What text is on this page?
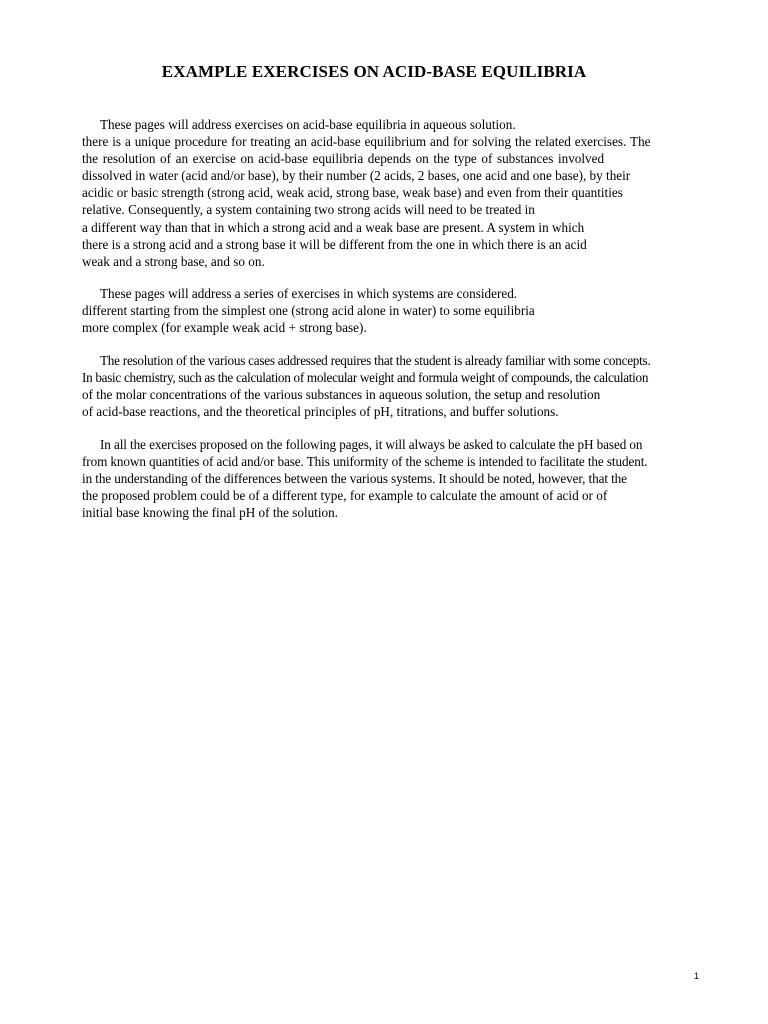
EXAMPLE EXERCISES ON ACID-BASE EQUILIBRIA
These pages will address exercises on acid-base equilibria in aqueous solution.
there is a unique procedure for treating an acid-base equilibrium and for solving the related exercises. The
the resolution of an exercise on acid-base equilibria depends on the type of substances involved
dissolved in water (acid and/or base), by their number (2 acids, 2 bases, one acid and one base), by their
acidic or basic strength (strong acid, weak acid, strong base, weak base) and even from their quantities
relative. Consequently, a system containing two strong acids will need to be treated in
a different way than that in which a strong acid and a weak base are present. A system in which
there is a strong acid and a strong base it will be different from the one in which there is an acid
weak and a strong base, and so on.
These pages will address a series of exercises in which systems are considered.
different starting from the simplest one (strong acid alone in water) to some equilibria
more complex (for example weak acid + strong base).
The resolution of the various cases addressed requires that the student is already familiar with some concepts.
In basic chemistry, such as the calculation of molecular weight and formula weight of compounds, the calculation
of the molar concentrations of the various substances in aqueous solution, the setup and resolution
of acid-base reactions, and the theoretical principles of pH, titrations, and buffer solutions.
In all the exercises proposed on the following pages, it will always be asked to calculate the pH based on
from known quantities of acid and/or base. This uniformity of the scheme is intended to facilitate the student.
in the understanding of the differences between the various systems. It should be noted, however, that the
the proposed problem could be of a different type, for example to calculate the amount of acid or of
initial base knowing the final pH of the solution.
1
